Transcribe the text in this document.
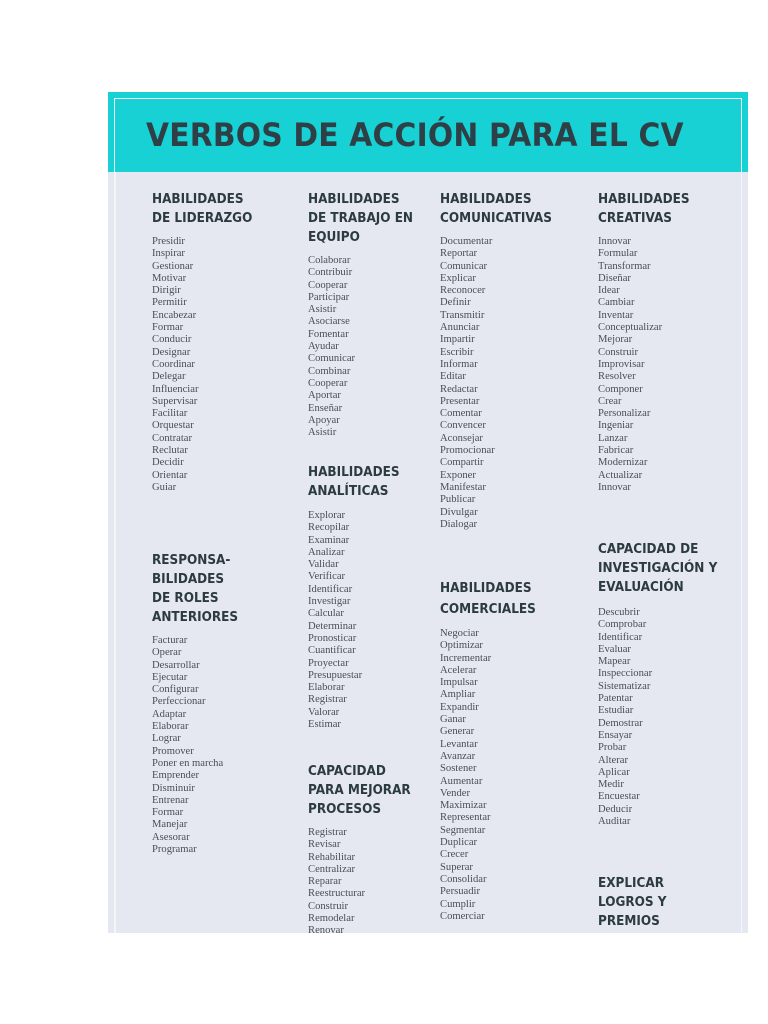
VERBOS DE ACCIÓN PARA EL CV
HABILIDADES
DE LIDERAZGO
Presidir
Inspirar
Gestionar
Motivar
Dirigir
Permitir
Encabezar
Formar
Conducir
Designar
Coordinar
Delegar
Influenciar
Supervisar
Facilitar
Orquestar
Contratar
Reclutar
Decidir
Orientar
Guiar
RESPONSA-
BILIDADES
DE ROLES
ANTERIORES
Facturar
Operar
Desarrollar
Ejecutar
Configurar
Perfeccionar
Adaptar
Elaborar
Lograr
Promover
Poner en marcha
Emprender
Disminuir
Entrenar
Formar
Manejar
Asesorar
Programar
HABILIDADES
DE TRABAJO EN
EQUIPO
Colaborar
Contribuir
Cooperar
Participar
Asistir
Asociarse
Fomentar
Ayudar
Comunicar
Combinar
Cooperar
Aportar
Enseñar
Apoyar
Asistir
HABILIDADES
ANALÍTICAS
Explorar
Recopilar
Examinar
Analizar
Validar
Verificar
Identificar
Investigar
Calcular
Determinar
Pronosticar
Cuantificar
Proyectar
Presupuestar
Elaborar
Registrar
Valorar
Estimar
CAPACIDAD
PARA MEJORAR
PROCESOS
Registrar
Revisar
Rehabilitar
Centralizar
Reparar
Reestructurar
Construir
Remodelar
Renovar
HABILIDADES
COMUNICATIVAS
Documentar
Reportar
Comunicar
Explicar
Reconocer
Definir
Transmitir
Anunciar
Impartir
Escribir
Informar
Editar
Redactar
Presentar
Comentar
Convencer
Aconsejar
Promocionar
Compartir
Exponer
Manifestar
Publicar
Divulgar
Dialogar
HABILIDADES
COMERCIALES
Negociar
Optimizar
Incrementar
Acelerar
Impulsar
Ampliar
Expandir
Ganar
Generar
Levantar
Avanzar
Sostener
Aumentar
Vender
Maximizar
Representar
Segmentar
Duplicar
Crecer
Superar
Consolidar
Persuadir
Cumplir
Comerciar
HABILIDADES
CREATIVAS
Innovar
Formular
Transformar
Diseñar
Idear
Cambiar
Inventar
Conceptualizar
Mejorar
Construir
Improvisar
Resolver
Componer
Crear
Personalizar
Ingeniar
Lanzar
Fabricar
Modernizar
Actualizar
Innovar
CAPACIDAD DE
INVESTIGACIÓN Y
EVALUACIÓN
Descubrir
Comprobar
Identificar
Evaluar
Mapear
Inspeccionar
Sistematizar
Patentar
Estudiar
Demostrar
Ensayar
Probar
Alterar
Aplicar
Medir
Encuestar
Deducir
Auditar
EXPLICAR
LOGROS Y
PREMIOS
